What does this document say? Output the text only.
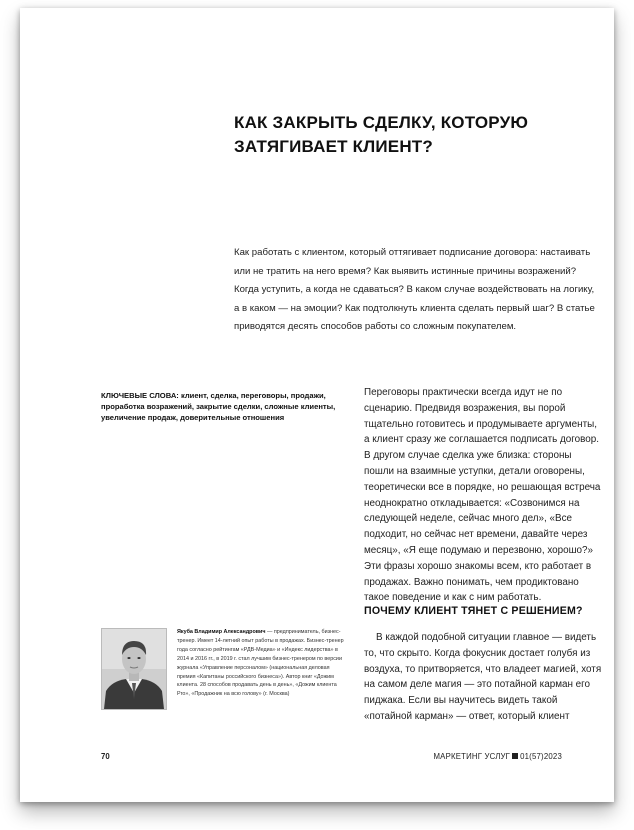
КАК ЗАКРЫТЬ СДЕЛКУ, КОТОРУЮ ЗАТЯГИВАЕТ КЛИЕНТ?

Как работать с клиентом, который оттягивает подписание договора: настаивать или не тратить на него время? Как выявить истинные причины возражений? Когда уступить, а когда не сдаваться? В каком случае воздействовать на логику, а в каком — на эмоции? Как подтолкнуть клиента сделать первый шаг? В статье приводятся десять способов работы со сложным покупателем.

КЛЮЧЕВЫЕ СЛОВА: клиент, сделка, переговоры, продажи, проработка возражений, закрытие сделки, сложные клиенты, увеличение продаж, доверительные отношения

Переговоры практически всегда идут не по сценарию. Предвидя возражения, вы порой тщательно готовитесь и продумываете аргументы, а клиент сразу же соглашается подписать договор.

В другом случае сделка уже близка: стороны пошли на взаимные уступки, детали оговорены, теоретически все в порядке, но решающая встреча неоднократно откладывается: «Созвонимся на следующей неделе, сейчас много дел», «Все подходит, но сейчас нет времени, давайте через месяц», «Я еще подумаю и перезвоню, хорошо?» Эти фразы хорошо знакомы всем, кто работает в продажах. Важно понимать, чем продиктовано такое поведение и как с ним работать.

ПОЧЕМУ КЛИЕНТ ТЯНЕТ С РЕШЕНИЕМ?

В каждой подобной ситуации главное — видеть то, что скрыто. Когда фокусник достает голубя из воздуха, то притворяется, что владеет магией, хотя на самом деле магия — это потайной карман его пиджака. Если вы научитесь видеть такой «потайной карман» — ответ, который клиент

Якуба Владимир Александрович — предприниматель, бизнес-тренер. Имеет 14-летний опыт работы в продажах. Бизнес-тренер года согласно рейтингам «РДВ-Медиа» и «Индекс лидерства» в 2014 и 2016 гг., в 2019 г. стал лучшим бизнес-тренером по версии журнала «Управление персоналом» (национальная деловая премия «Капитаны российского бизнеса»). Автор книг «Дожим клиента. 28 способов продавать день в день», «Дожим клиента Pro», «Продажник на всю голову» (г. Москва)

70	МАРКЕТИНГ УСЛУГ 01(57)2023
